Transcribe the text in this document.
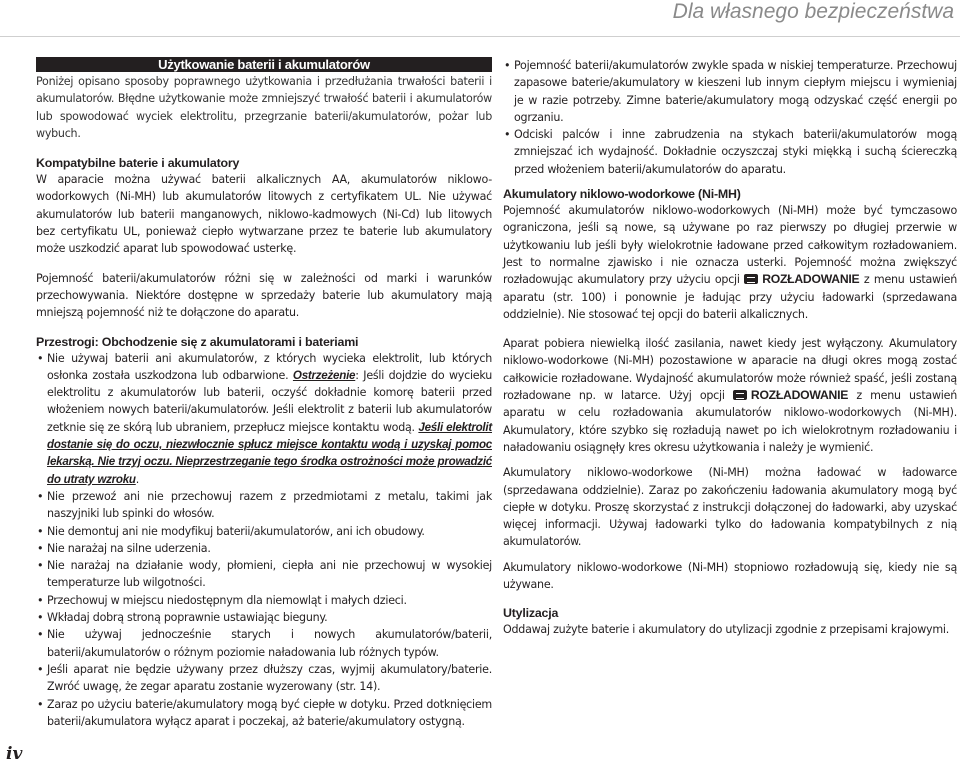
Dla własnego bezpieczeństwa
iv
Użytkowanie baterii i akumulatorów

Poniżej opisano sposoby poprawnego użytkowania i przedłużania trwałości baterii i akumulatorów. Błędne użytkowanie może zmniejszyć trwałość baterii i akumulatorów lub spowodować wyciek elektrolitu, przegrzanie baterii/akumulatorów, pożar lub wybuch.

Kompatybilne baterie i akumulatory

W aparacie można używać baterii alkalicznych AA, akumulatorów niklowo-wodorkowych (Ni-MH) lub akumulatorów litowych z certyfikatem UL. Nie używać akumulatorów lub baterii manganowych, niklowo-kadmowych (Ni-Cd) lub litowych bez certyfikatu UL, ponieważ ciepło wytwarzane przez te baterie lub akumulatory może uszkodzić aparat lub spowodować usterkę.

Pojemność baterii/akumulatorów różni się w zależności od marki i warunków przechowywania. Niektóre dostępne w sprzedaży baterie lub akumulatory mają mniejszą pojemność niż te dołączone do aparatu.

Przestrogi: Obchodzenie się z akumulatorami i bateriami
• Nie używaj baterii ani akumulatorów, z których wycieka elektrolit, lub których osłonka została uszkodzona lub odbarwione. Ostrzeżenie: Jeśli dojdzie do wycieku elektrolitu z akumulatorów lub baterii, oczyść dokładnie komorę baterii przed włożeniem nowych baterii/akumulatorów. Jeśli elektrolit z baterii lub akumulatorów zetknie się ze skórą lub ubraniem, przepłucz miejsce kontaktu wodą. Jeśli elektrolit dostanie się do oczu, niezwłocznie spłucz miejsce kontaktu wodą i uzyskaj pomoc lekarską. Nie trzyj oczu. Nieprzestrzeganie tego środka ostrożności może prowadzić do utraty wzroku.
• Nie przewoź ani nie przechowuj razem z przedmiotami z metalu, takimi jak naszyjniki lub spinki do włosów.
• Nie demontuj ani nie modyfikuj baterii/akumulatorów, ani ich obudowy.
• Nie narażaj na silne uderzenia.
• Nie narażaj na działanie wody, płomieni, ciepła ani nie przechowuj w wysokiej temperaturze lub wilgotności.
• Przechowuj w miejscu niedostępnym dla niemowląt i małych dzieci.
• Wkładaj dobrą stroną poprawnie ustawiając bieguny.
• Nie używaj jednocześnie starych i nowych akumulatorów/baterii, baterii/akumulatorów o różnym poziomie naładowania lub różnych typów.
• Jeśli aparat nie będzie używany przez dłuższy czas, wyjmij akumulatory/baterie. Zwróć uwagę, że zegar aparatu zostanie wyzerowany (str. 14).
• Zaraz po użyciu baterie/akumulatory mogą być ciepłe w dotyku. Przed dotknięciem baterii/akumulatora wyłącz aparat i poczekaj, aż baterie/akumulatory ostygną.
• Pojemność baterii/akumulatorów zwykle spada w niskiej temperaturze. Przechowuj zapasowe baterie/akumulatory w kieszeni lub innym ciepłym miejscu i wymieniaj je w razie potrzeby. Zimne baterie/akumulatory mogą odzyskać część energii po ogrzaniu.
• Odciski palców i inne zabrudzenia na stykach baterii/akumulatorów mogą zmniejszać ich wydajność. Dokładnie oczyszczaj styki miękką i suchą ściereczką przed włożeniem baterii/akumulatorów do aparatu.
Akumulatory niklowo-wodorkowe (Ni-MH)

Pojemność akumulatorów niklowo-wodorkowych (Ni-MH) może być tymczasowo ograniczona, jeśli są nowe, są używane po raz pierwszy po długiej przerwie w użytkowaniu lub jeśli były wielokrotnie ładowane przed całkowitym rozładowaniem. Jest to normalne zjawisko i nie oznacza usterki. Pojemność można zwiększyć rozładowując akumulatory przy użyciu opcji ROZŁADOWANIE z menu ustawień aparatu (str. 100) i ponownie je ładując przy użyciu ładowarki (sprzedawana oddzielnie). Nie stosować tej opcji do baterii alkalicznych.

Aparat pobiera niewielką ilość zasilania, nawet kiedy jest wyłączony. Akumulatory niklowo-wodorkowe (Ni-MH) pozostawione w aparacie na długi okres mogą zostać całkowicie rozładowane. Wydajność akumulatorów może również spaść, jeśli zostaną rozładowane np. w latarce. Użyj opcji ROZŁADOWANIE z menu ustawień aparatu w celu rozładowania akumulatorów niklowo-wodorkowych (Ni-MH). Akumulatory, które szybko się rozładują nawet po ich wielokrotnym rozładowaniu i naładowaniu osiągnęły kres okresu użytkowania i należy je wymienić.

Akumulatory niklowo-wodorkowe (Ni-MH) można ładować w ładowarce (sprzedawana oddzielnie). Zaraz po zakończeniu ładowania akumulatory mogą być ciepłe w dotyku. Proszę skorzystać z instrukcji dołączonej do ładowarki, aby uzyskać więcej informacji. Używaj ładowarki tylko do ładowania kompatybilnych z nią akumulatorów.

Akumulatory niklowo-wodorkowe (Ni-MH) stopniowo rozładowują się, kiedy nie są używane.

Utylizacja

Oddawaj zużyte baterie i akumulatory do utylizacji zgodnie z przepisami krajowymi.
